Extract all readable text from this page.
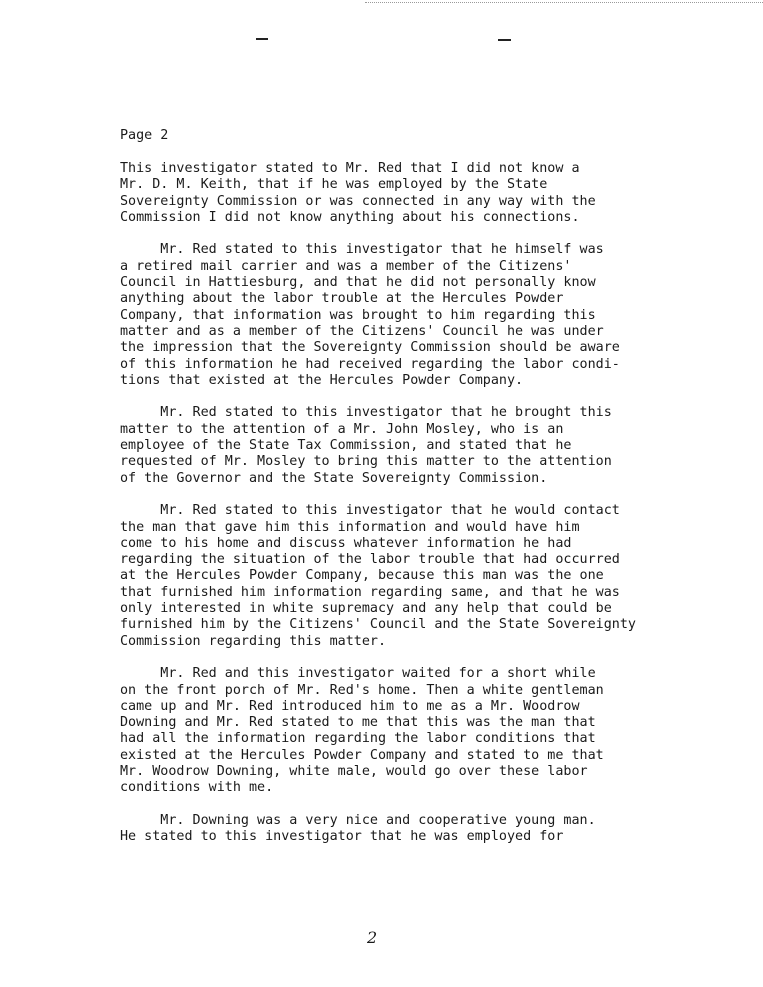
Page 2
This investigator stated to Mr. Red that I did not know a
Mr. D. M. Keith, that if he was employed by the State
Sovereignty Commission or was connected in any way with the
Commission I did not know anything about his connections.
Mr. Red stated to this investigator that he himself was
a retired mail carrier and was a member of the Citizens'
Council in Hattiesburg, and that he did not personally know
anything about the labor trouble at the Hercules Powder
Company, that information was brought to him regarding this
matter and as a member of the Citizens' Council he was under
the impression that the Sovereignty Commission should be aware
of this information he had received regarding the labor condi-
tions that existed at the Hercules Powder Company.
Mr. Red stated to this investigator that he brought this
matter to the attention of a Mr. John Mosley, who is an
employee of the State Tax Commission, and stated that he
requested of Mr. Mosley to bring this matter to the attention
of the Governor and the State Sovereignty Commission.
Mr. Red stated to this investigator that he would contact
the man that gave him this information and would have him
come to his home and discuss whatever information he had
regarding the situation of the labor trouble that had occurred
at the Hercules Powder Company, because this man was the one
that furnished him information regarding same, and that he was
only interested in white supremacy and any help that could be
furnished him by the Citizens' Council and the State Sovereignty
Commission regarding this matter.
Mr. Red and this investigator waited for a short while
on the front porch of Mr. Red's home. Then a white gentleman
came up and Mr. Red introduced him to me as a Mr. Woodrow
Downing and Mr. Red stated to me that this was the man that
had all the information regarding the labor conditions that
existed at the Hercules Powder Company and stated to me that
Mr. Woodrow Downing, white male, would go over these labor
conditions with me.
Mr. Downing was a very nice and cooperative young man.
He stated to this investigator that he was employed for
2
